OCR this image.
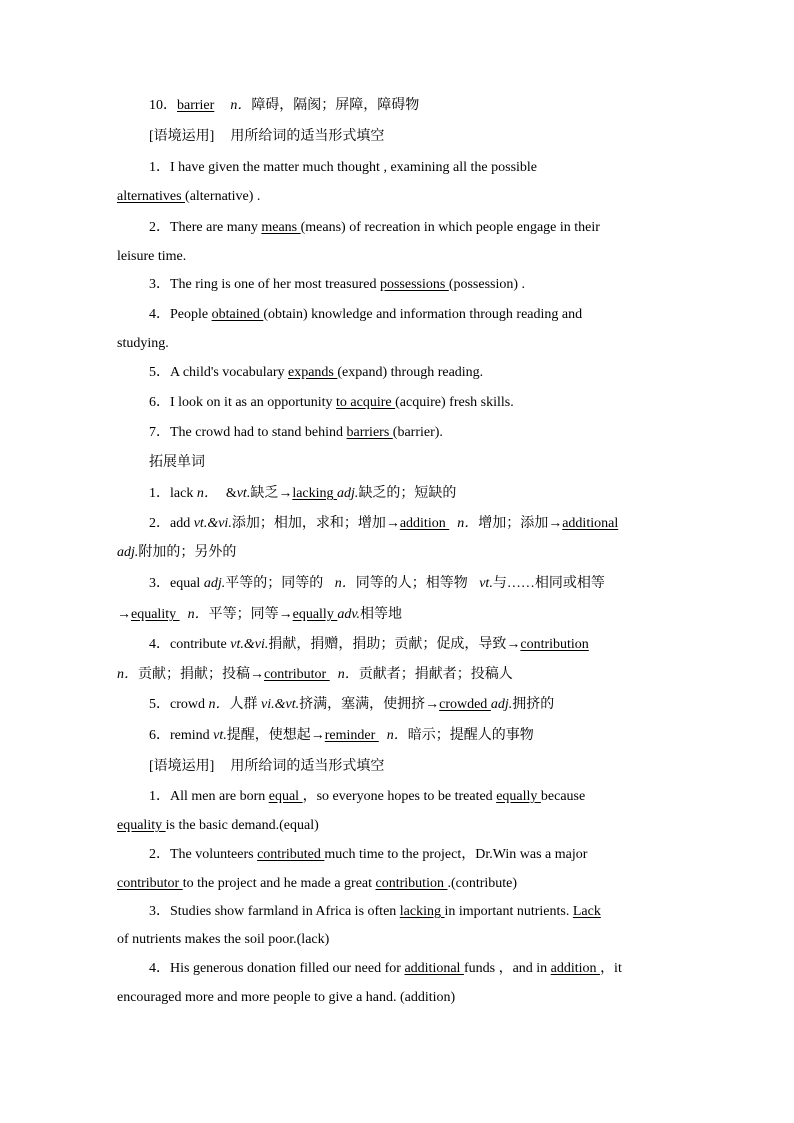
10．barrier n．障碍，隔阂；屏障，障碍物
[语境运用] 用所给词的适当形式填空
1．I have given the matter much thought , examining all the possible
alternatives (alternative) .
2．There are many means (means) of recreation in which people engage in their
leisure time.
3．The ring is one of her most treasured possessions (possession) .
4．People obtained (obtain) knowledge and information through reading and
studying.
5．A child's vocabulary expands (expand) through reading.
6．I look on it as an opportunity to acquire (acquire) fresh skills.
7．The crowd had to stand behind barriers (barrier).
拓展单词
1．lack n． &vt.缺乏→lacking adj.缺乏的；短缺的
2．add vt.&vi.添加；相加，求和；增加→addition n．增加；添加→additional
adj.附加的；另外的
3．equal adj.平等的；同等的 n．同等的人；相等物 vt.与……相同或相等
→equality n．平等；同等→equally adv.相等地
4．contribute vt.&vi.捐献，捐赠，捐助；贡献；促成，导致→contribution
n．贡献；捐献；投稿→contributor n．贡献者；捐献者；投稿人
5．crowd n．人群 vi.&vt.挤满，塞满，使拥挤→crowded adj.拥挤的
6．remind vt.提醒，使想起→reminder n．暗示；提醒人的事物
[语境运用] 用所给词的适当形式填空
1．All men are born equal ，so everyone hopes to be treated equally because
equality is the basic demand.(equal)
2．The volunteers contributed much time to the project，Dr.Win was a major
contributor to the project and he made a great contribution .(contribute)
3．Studies show farmland in Africa is often lacking in important nutrients. Lack
of nutrients makes the soil poor.(lack)
4．His generous donation filled our need for additional funds ，and in addition ，it
encouraged more and more people to give a hand. (addition)
